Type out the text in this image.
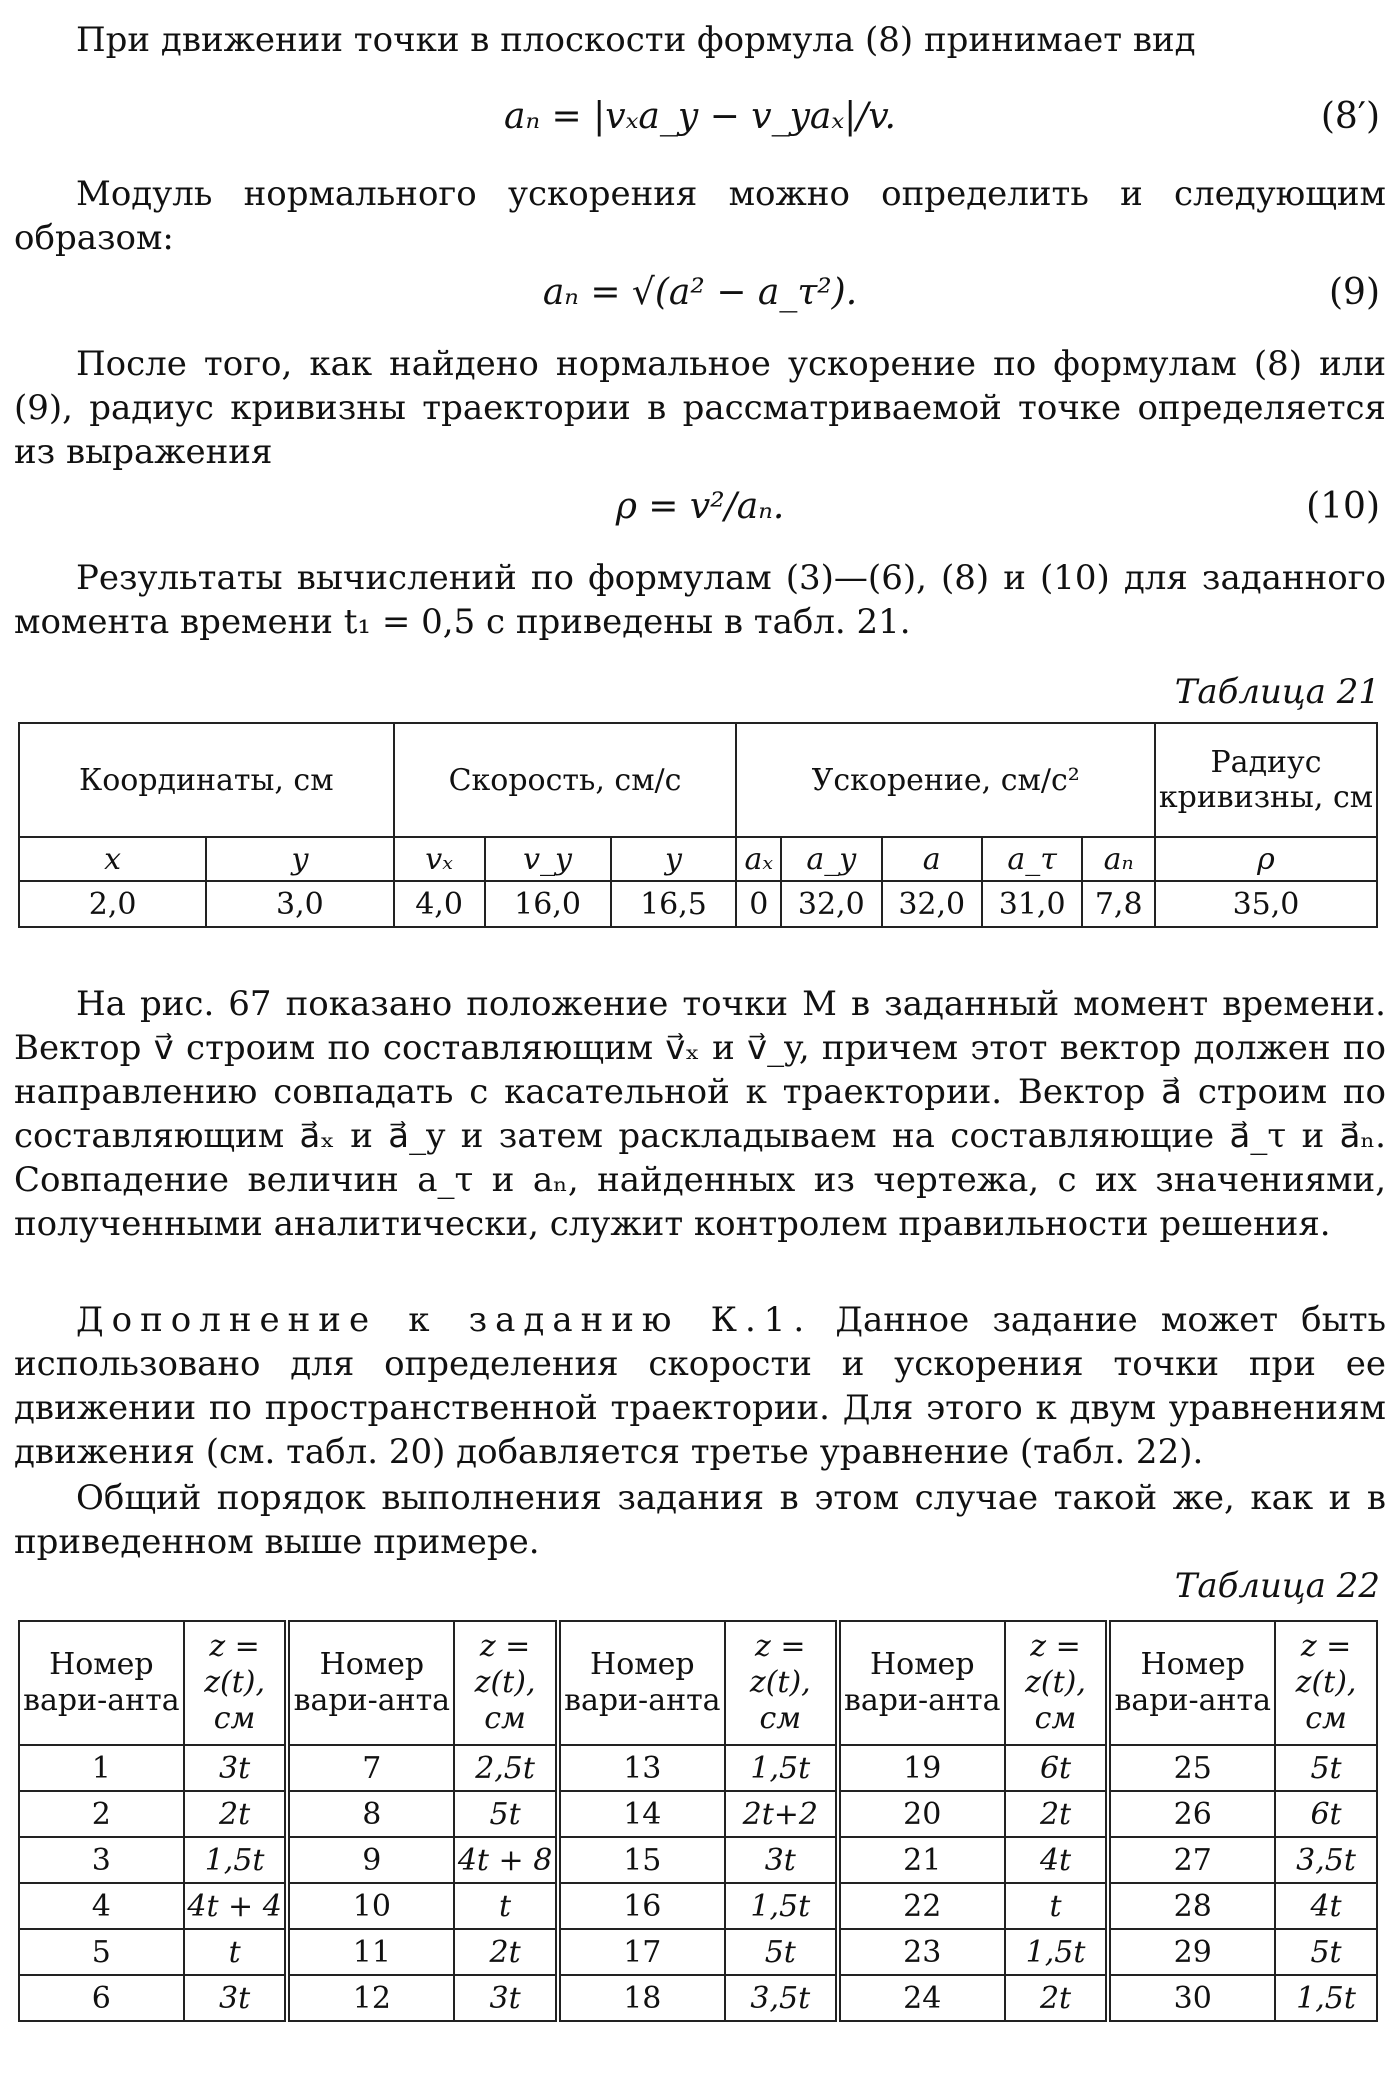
При движении точки в плоскости формула (8) принимает вид

aₙ = |vₓa_y − v_yaₓ|/v.	(8′)

Модуль нормального ускорения можно определить и следующим образом:

aₙ = √(a² − a_τ²).	(9)

После того, как найдено нормальное ускорение по формулам (8) или (9), радиус кривизны траектории в рассматриваемой точке определяется из выражения

ρ = v²/aₙ.	(10)

Результаты вычислений по формулам (3)—(6), (8) и (10) для заданного момента времени t₁ = 0,5 с приведены в табл. 21.

Таблица 21
Координаты, см		Скорость, см/с			Ускорение, см/с²					Радиус кривизны, см
x	y	vₓ	v_y	y	aₓ	a_y	a	a_τ	aₙ	ρ
2,0	3,0	4,0	16,0	16,5	0	32,0	32,0	31,0	7,8	35,0

На рис. 67 показано положение точки M в заданный момент времени. Вектор v⃗ строим по составляющим v⃗ₓ и v⃗_y, причем этот вектор должен по направлению совпадать с касательной к траектории. Вектор a⃗ строим по составляющим a⃗ₓ и a⃗_y и затем раскладываем на составляющие a⃗_τ и a⃗ₙ. Совпадение величин a_τ и aₙ, найденных из чертежа, с их значениями, полученными аналитически, служит контролем правильности решения.

Дополнение к заданию К.1. Данное задание может быть использовано для определения скорости и ускорения точки при ее движении по пространственной траектории. Для этого к двум уравнениям движения (см. табл. 20) добавляется третье уравнение (табл. 22).

Общий порядок выполнения задания в этом случае такой же, как и в приведенном выше примере.

Таблица 22
Номер вари-анта	z = z(t), см	Номер вари-анта	z = z(t), см	Номер вари-анта	z = z(t), см	Номер вари-анта	z = z(t), см	Номер вари-анта	z = z(t), см
1	3t	7	2,5t	13	1,5t	19	6t	25	5t
2	2t	8	5t	14	2t+2	20	2t	26	6t
3	1,5t	9	4t + 8	15	3t	21	4t	27	3,5t
4	4t + 4	10	t	16	1,5t	22	t	28	4t
5	t	11	2t	17	5t	23	1,5t	29	5t
6	3t	12	3t	18	3,5t	24	2t	30	1,5t
